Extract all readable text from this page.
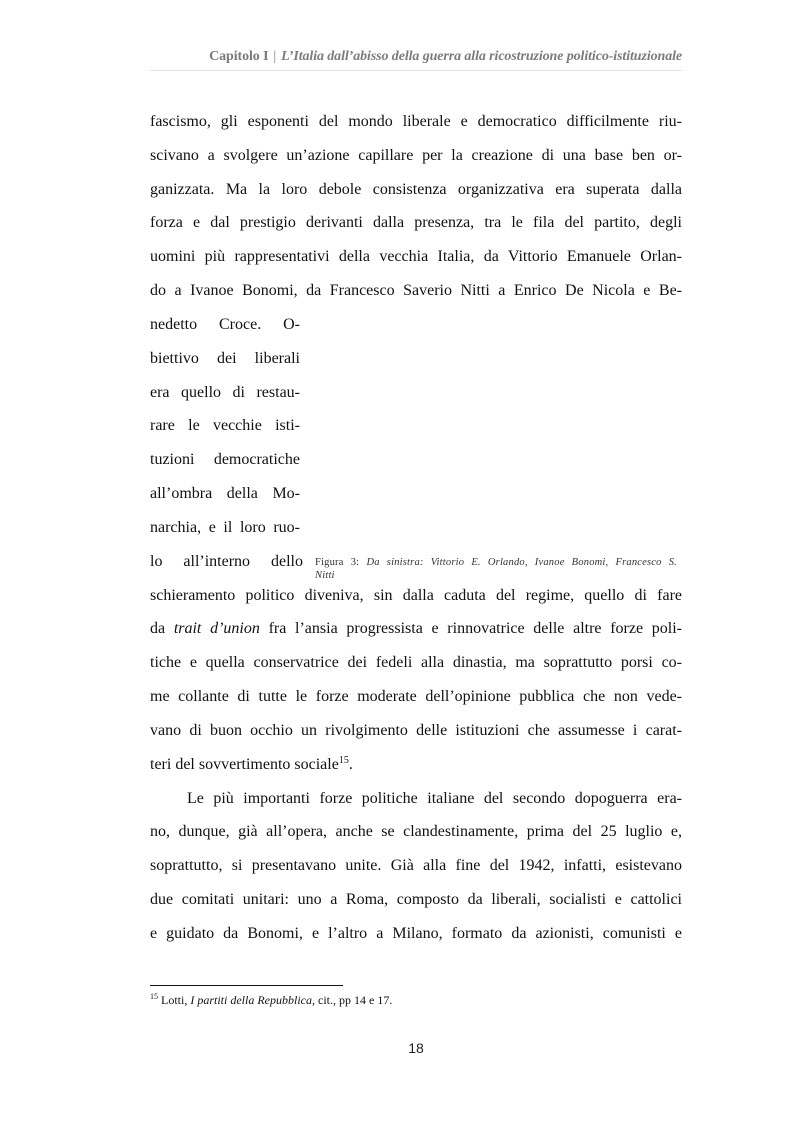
Capitolo I | L’Italia dall’abisso della guerra alla ricostruzione politico-istituzionale
fascismo, gli esponenti del mondo liberale e democratico difficilmente riu-
scivano a svolgere un’azione capillare per la creazione di una base ben or-
ganizzata. Ma la loro debole consistenza organizzativa era superata dalla
forza e dal prestigio derivanti dalla presenza, tra le fila del partito, degli
uomini più rappresentativi della vecchia Italia, da Vittorio Emanuele Orlan-
do a Ivanoe Bonomi, da Francesco Saverio Nitti a Enrico De Nicola e Be-
nedetto Croce. O-
biettivo dei liberali
era quello di restau-
rare le vecchie isti-
tuzioni democratiche
all’ombra della Mo-
narchia, e il loro ruo-
lo all’interno dello
schieramento politico diveniva, sin dalla caduta del regime, quello di fare
da trait d’union fra l’ansia progressista e rinnovatrice delle altre forze poli-
tiche e quella conservatrice dei fedeli alla dinastia, ma soprattutto porsi co-
me collante di tutte le forze moderate dell’opinione pubblica che non vede-
vano di buon occhio un rivolgimento delle istituzioni che assumesse i carat-
teri del sovvertimento sociale$^{15}$.
Le più importanti forze politiche italiane del secondo dopoguerra era-
no, dunque, già all’opera, anche se clandestinamente, prima del 25 luglio e,
soprattutto, si presentavano unite. Già alla fine del 1942, infatti, esistevano
due comitati unitari: uno a Roma, composto da liberali, socialisti e cattolici
e guidato da Bonomi, e l’altro a Milano, formato da azionisti, comunisti e
Figura 3: Da sinistra: Vittorio E. Orlando, Ivanoe Bonomi, Francesco S.
Nitti
$^{15}$ Lotti, I partiti della Repubblica, cit., pp 14 e 17.
18
